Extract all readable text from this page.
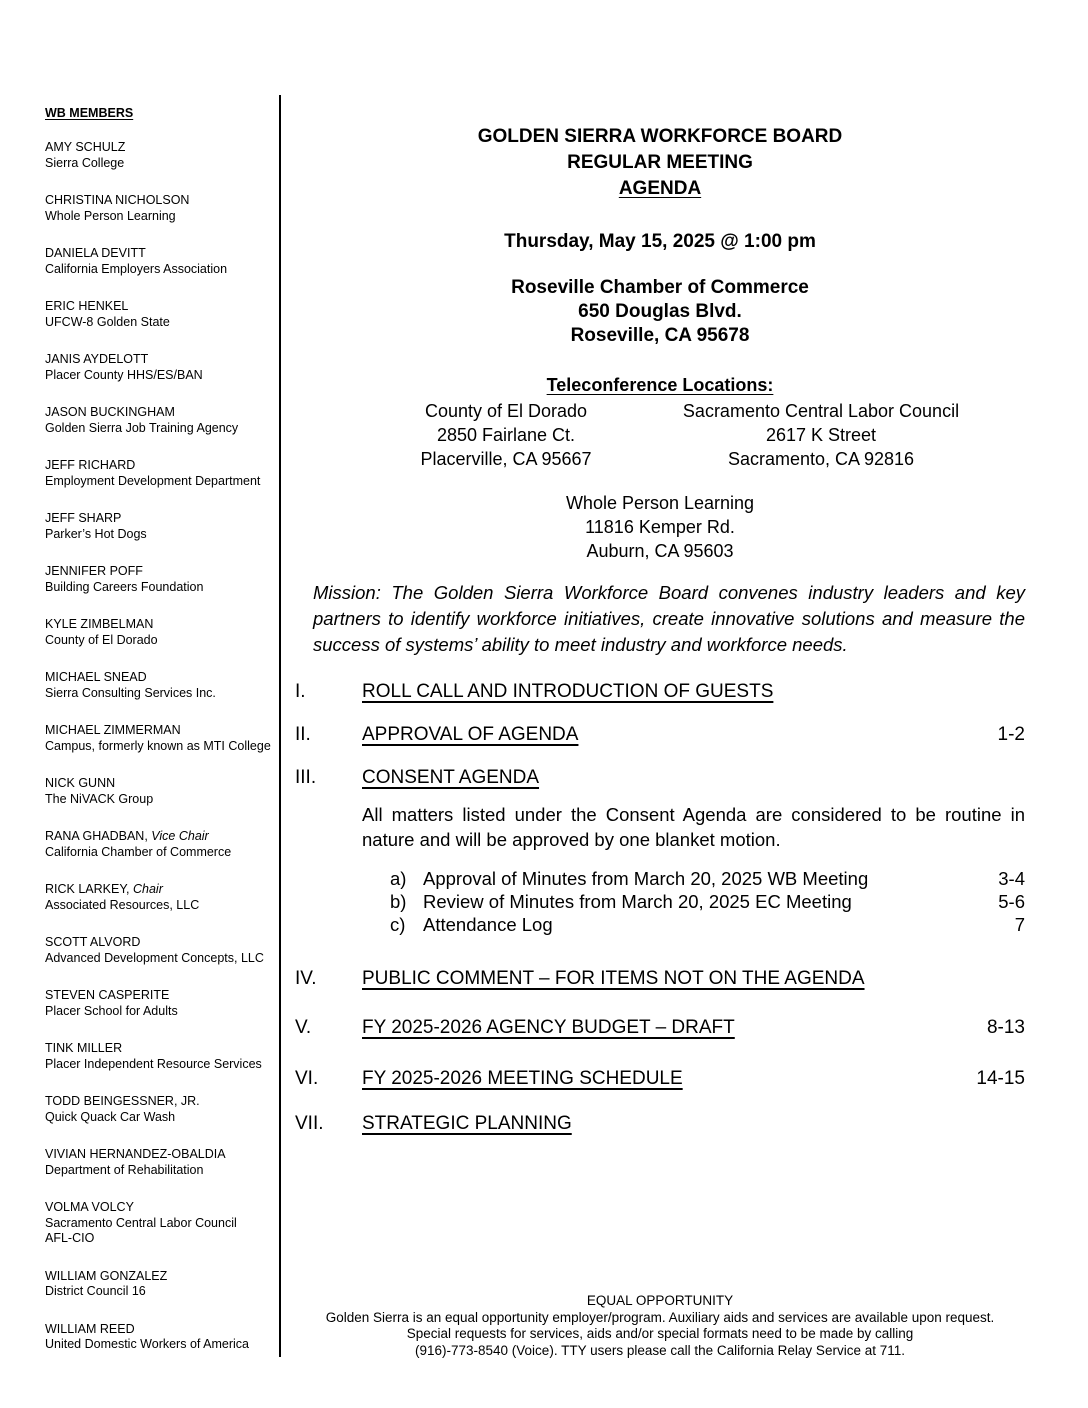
WB MEMBERS
AMY SCHULZ
Sierra College
CHRISTINA NICHOLSON
Whole Person Learning
DANIELA DEVITT
California Employers Association
ERIC HENKEL
UFCW-8 Golden State
JANIS AYDELOTT
Placer County HHS/ES/BAN
JASON BUCKINGHAM
Golden Sierra Job Training Agency
JEFF RICHARD
Employment Development Department
JEFF SHARP
Parker’s Hot Dogs
JENNIFER POFF
Building Careers Foundation
KYLE ZIMBELMAN
County of El Dorado
MICHAEL SNEAD
Sierra Consulting Services Inc.
MICHAEL ZIMMERMAN
Campus, formerly known as MTI College
NICK GUNN
The NiVACK Group
RANA GHADBAN, Vice Chair
California Chamber of Commerce
RICK LARKEY, Chair
Associated Resources, LLC
SCOTT ALVORD
Advanced Development Concepts, LLC
STEVEN CASPERITE
Placer School for Adults
TINK MILLER
Placer Independent Resource Services
TODD BEINGESSNER, JR.
Quick Quack Car Wash
VIVIAN HERNANDEZ-OBALDIA
Department of Rehabilitation
VOLMA VOLCY
Sacramento Central Labor Council
AFL-CIO
WILLIAM GONZALEZ
District Council 16
WILLIAM REED
United Domestic Workers of America
GOLDEN SIERRA WORKFORCE BOARD
REGULAR MEETING
AGENDA
Thursday, May 15, 2025 @ 1:00 pm
Roseville Chamber of Commerce
650 Douglas Blvd.
Roseville, CA 95678
Teleconference Locations:
County of El Dorado
2850 Fairlane Ct.
Placerville, CA 95667
Sacramento Central Labor Council
2617 K Street
Sacramento, CA 92816
Whole Person Learning
11816 Kemper Rd.
Auburn, CA 95603

Mission: The Golden Sierra Workforce Board convenes industry leaders and key partners to identify workforce initiatives, create innovative solutions and measure the success of systems’ ability to meet industry and workforce needs.

I.	ROLL CALL AND INTRODUCTION OF GUESTS
II.	APPROVAL OF AGENDA	1-2
III.	CONSENT AGENDA

All matters listed under the Consent Agenda are considered to be routine in nature and will be approved by one blanket motion.

a) Approval of Minutes from March 20, 2025 WB Meeting	3-4
b) Review of Minutes from March 20, 2025 EC Meeting	5-6
c) Attendance Log	7
IV.	PUBLIC COMMENT – FOR ITEMS NOT ON THE AGENDA
V.	FY 2025-2026 AGENCY BUDGET – DRAFT	8-13
VI.	FY 2025-2026 MEETING SCHEDULE	14-15
VII.	STRATEGIC PLANNING
EQUAL OPPORTUNITY
Golden Sierra is an equal opportunity employer/program. Auxiliary aids and services are available upon request.
Special requests for services, aids and/or special formats need to be made by calling
(916)-773-8540 (Voice). TTY users please call the California Relay Service at 711.
